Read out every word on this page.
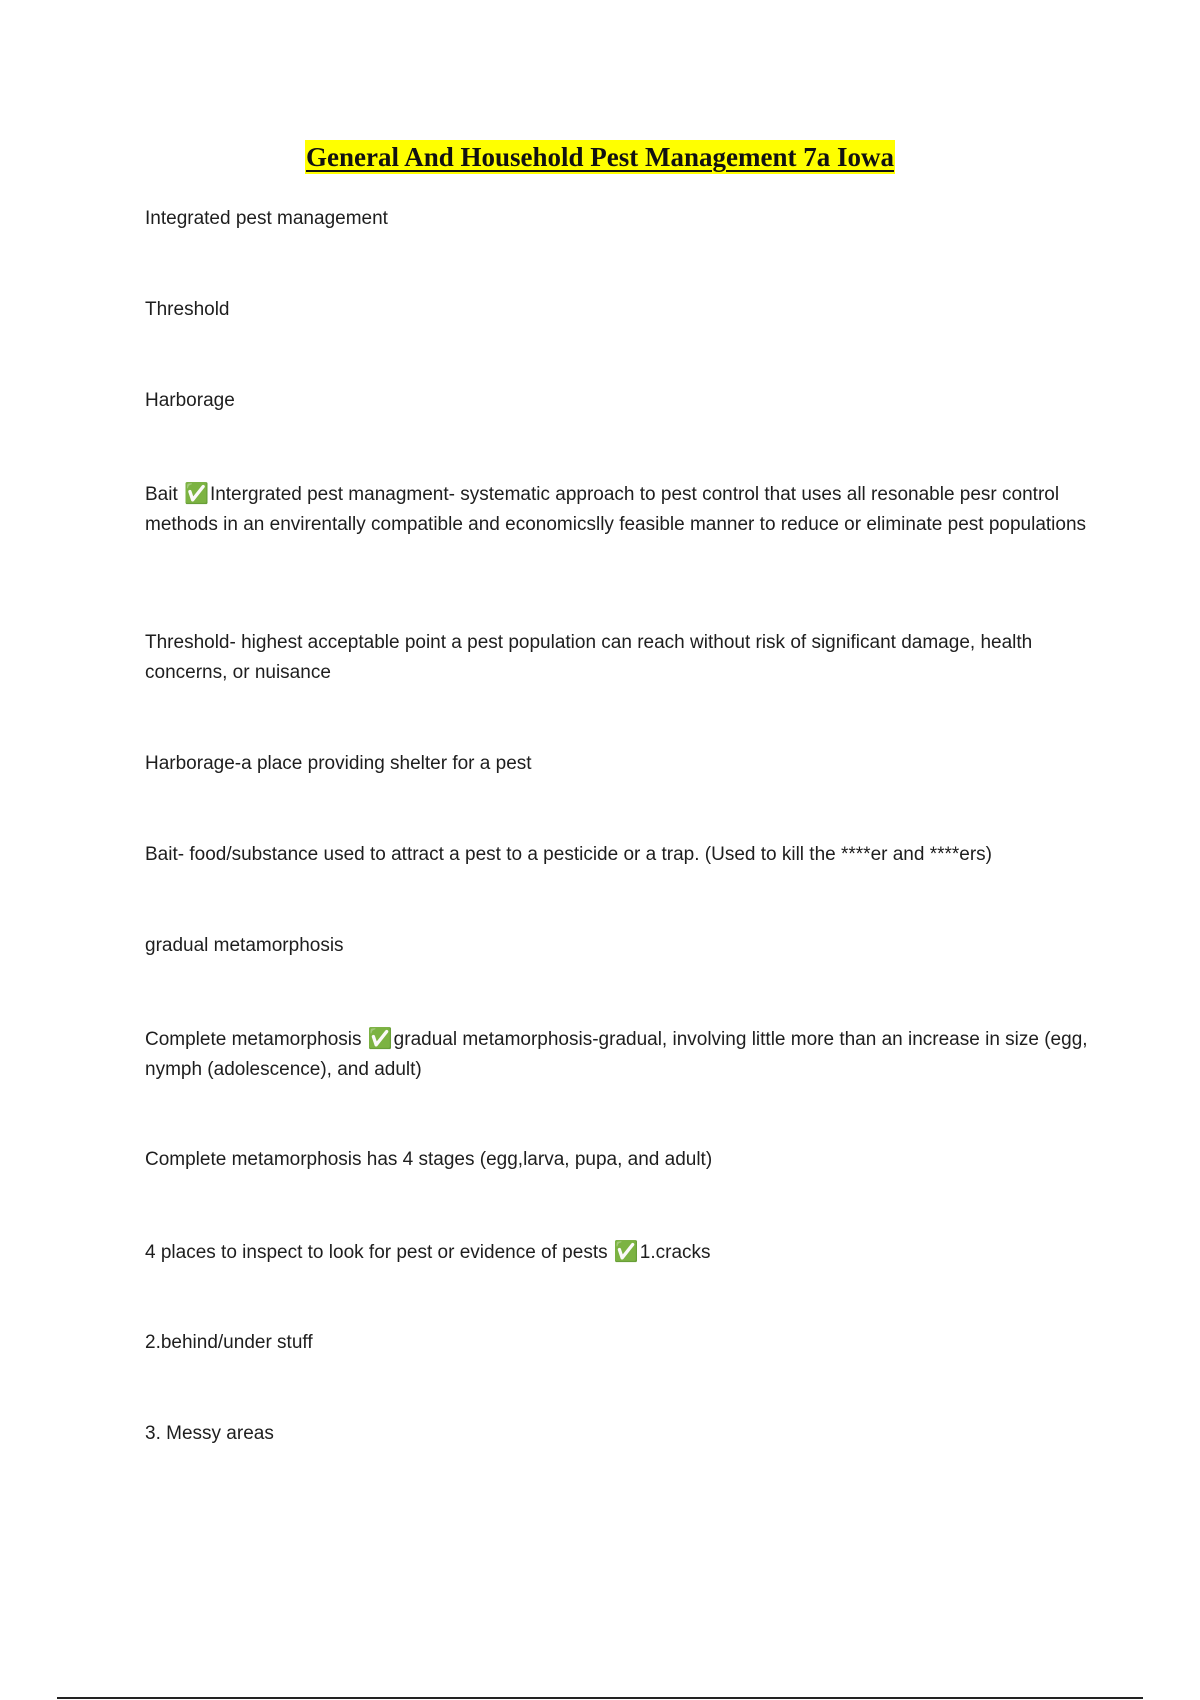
General And Household Pest Management 7a Iowa
Integrated pest management
Threshold
Harborage
Bait ✅Intergrated pest managment- systematic approach to pest control that uses all resonable pesr control methods in an envirentally compatible and economicslly feasible manner to reduce or eliminate pest populations
Threshold- highest acceptable point a pest population can reach without risk of significant damage, health concerns, or nuisance
Harborage-a place providing shelter for a pest
Bait- food/substance used to attract a pest to a pesticide or a trap. (Used to kill the ****er and ****ers)
gradual metamorphosis
Complete metamorphosis ✅gradual metamorphosis-gradual, involving little more than an increase in size (egg, nymph (adolescence), and adult)
Complete metamorphosis has 4 stages (egg,larva, pupa, and adult)
4 places to inspect to look for pest or evidence of pests ✅1.cracks
2.behind/under stuff
3. Messy areas
